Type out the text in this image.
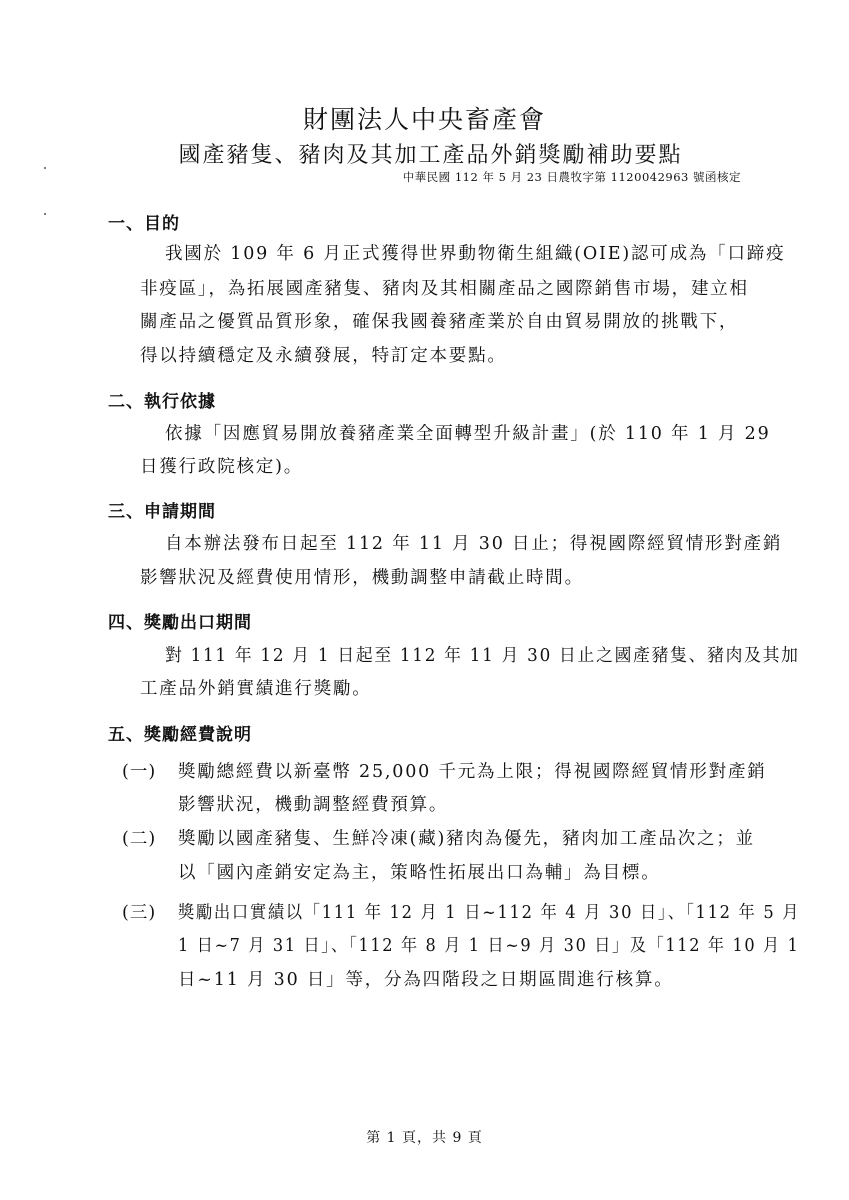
財團法人中央畜產會
國產豬隻、豬肉及其加工產品外銷獎勵補助要點
中華民國 112 年 5 月 23 日農牧字第 1120042963 號函核定
一、目的
我國於 109 年 6 月正式獲得世界動物衛生組織(OIE)認可成為「口蹄疫
非疫區」，為拓展國產豬隻、豬肉及其相關產品之國際銷售市場，建立相
關產品之優質品質形象，確保我國養豬產業於自由貿易開放的挑戰下，
得以持續穩定及永續發展，特訂定本要點。
二、執行依據
依據「因應貿易開放養豬產業全面轉型升級計畫」(於 110 年 1 月 29
日獲行政院核定)。
三、申請期間
自本辦法發布日起至 112 年 11 月 30 日止；得視國際經貿情形對產銷
影響狀況及經費使用情形，機動調整申請截止時間。
四、獎勵出口期間
對 111 年 12 月 1 日起至 112 年 11 月 30 日止之國產豬隻、豬肉及其加
工產品外銷實績進行獎勵。
五、獎勵經費說明
(一) 獎勵總經費以新臺幣 25,000 千元為上限；得視國際經貿情形對產銷
影響狀況，機動調整經費預算。
(二) 獎勵以國產豬隻、生鮮冷凍(藏)豬肉為優先，豬肉加工產品次之；並
以「國內產銷安定為主，策略性拓展出口為輔」為目標。
(三) 獎勵出口實績以「111 年 12 月 1 日~112 年 4 月 30 日」、「112 年 5 月
1 日~7 月 31 日」、「112 年 8 月 1 日~9 月 30 日」及「112 年 10 月 1
日~11 月 30 日」等，分為四階段之日期區間進行核算。
第 1 頁，共 9 頁
